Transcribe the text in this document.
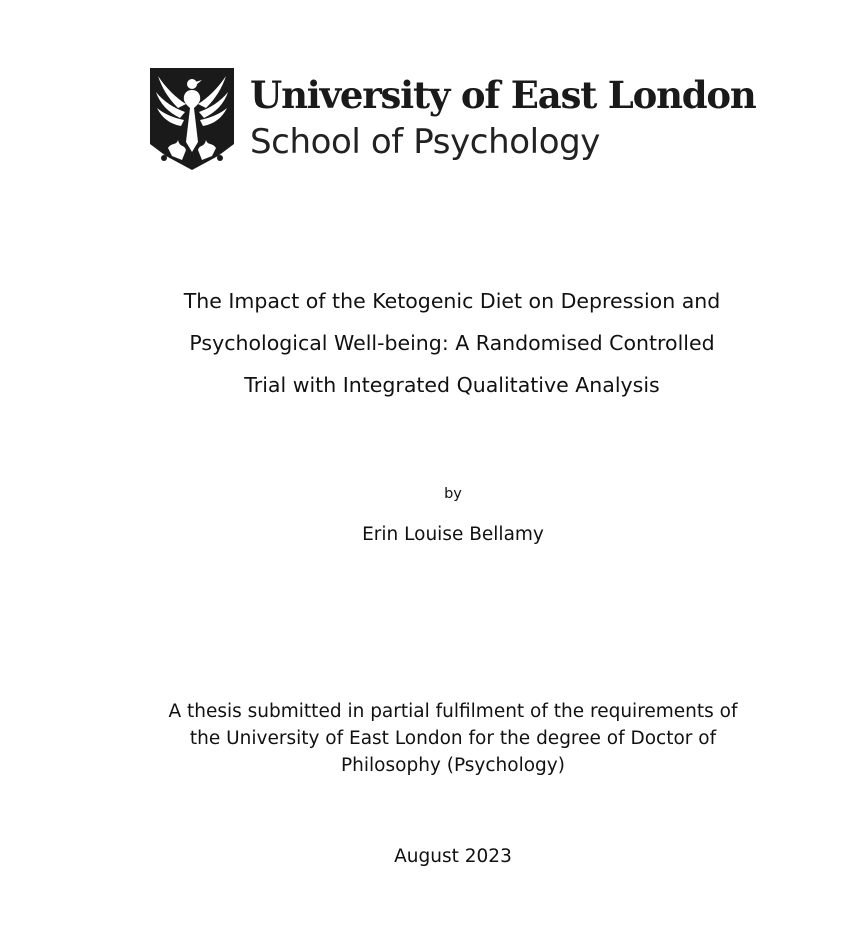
University of East London
School of Psychology
The Impact of the Ketogenic Diet on Depression and
Psychological Well-being: A Randomised Controlled
Trial with Integrated Qualitative Analysis
by
Erin Louise Bellamy
A thesis submitted in partial fulfilment of the requirements of
the University of East London for the degree of Doctor of
Philosophy (Psychology)
August 2023
